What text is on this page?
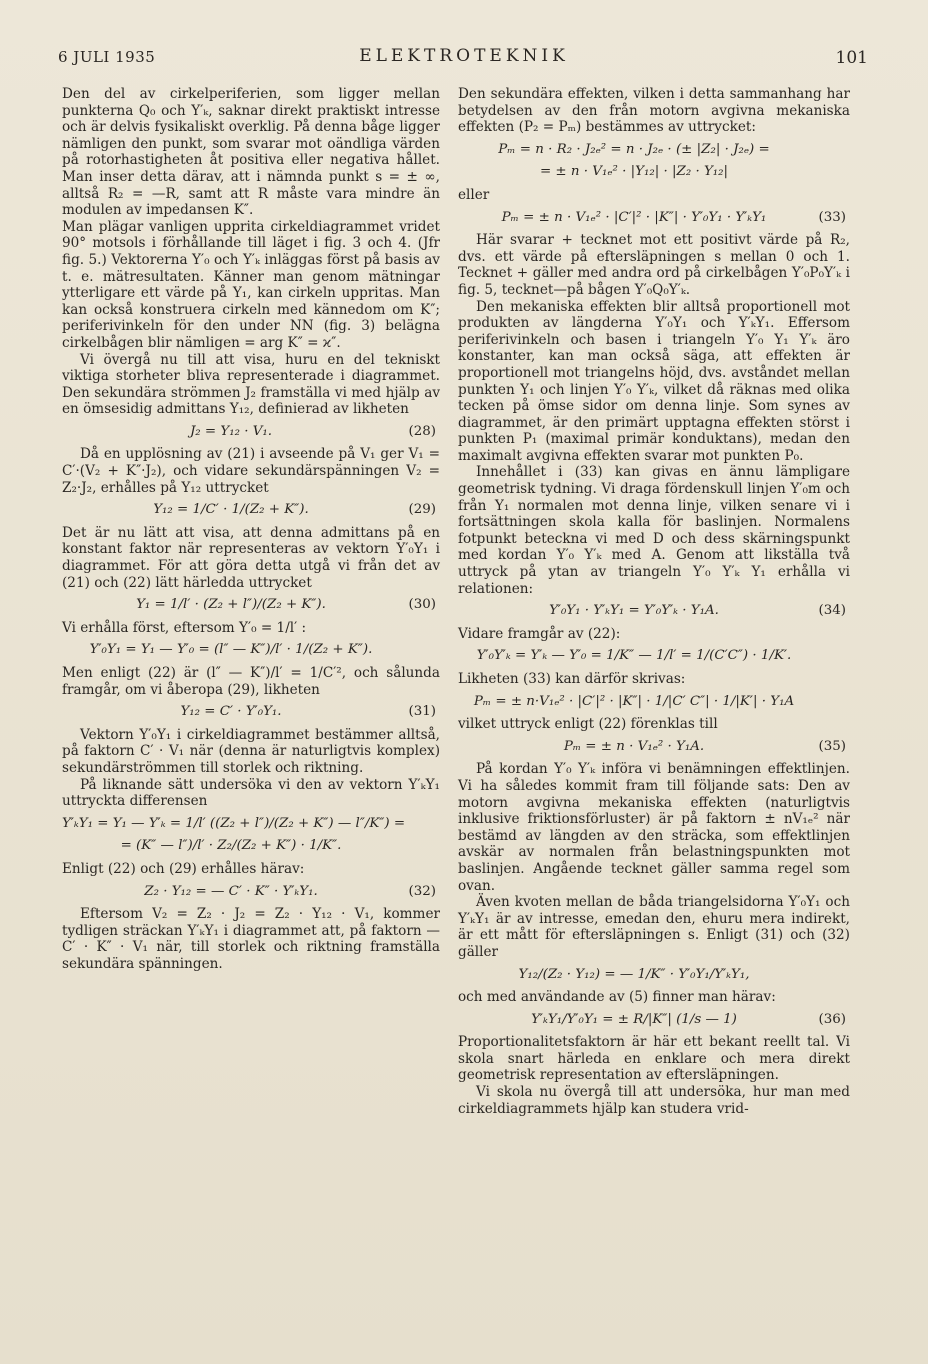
6 JULI 1935	ELEKTROTEKNIK	101

Den del av cirkelperiferien, som ligger mellan punkterna Q₀ och Y′ₖ, saknar direkt praktiskt intresse och är delvis fysikaliskt overklig. På denna båge ligger nämligen den punkt, som svarar mot oändliga värden på rotorhastigheten åt positiva eller negativa hållet. Man inser detta därav, att i nämnda punkt s = ± ∞, alltså R₂ = —R, samt att R måste vara mindre än modulen av impedansen K″.

Man plägar vanligen upprita cirkeldiagrammet vridet 90° motsols i förhållande till läget i fig. 3 och 4. (Jfr fig. 5.) Vektorerna Y′₀ och Y′ₖ inläggas först på basis av t. e. mätresultaten. Känner man genom mätningar ytterligare ett värde på Y₁, kan cirkeln uppritas. Man kan också konstruera cirkeln med kännedom om K″; periferivinkeln för den under NN (fig. 3) belägna cirkelbågen blir nämligen = arg K″ = ϰ″.

Vi övergå nu till att visa, huru en del tekniskt viktiga storheter bliva representerade i diagrammet. Den sekundära strömmen J₂ framställa vi med hjälp av en ömsesidig admittans Y₁₂, definierad av likheten

J₂ = Y₁₂ · V₁.	(28)

Då en upplösning av (21) i avseende på V₁ ger V₁ = C′·(V₂ + K″·J₂), och vidare sekundärspänningen V₂ = Z₂·J₂, erhålles på Y₁₂ uttrycket

Y₁₂ = 1/C′ · 1/(Z₂ + K″).	(29)

Det är nu lätt att visa, att denna admittans på en konstant faktor när representeras av vektorn Y′₀Y₁ i diagrammet. För att göra detta utgå vi från det av (21) och (22) lätt härledda uttrycket

Y₁ = 1/l′ · (Z₂ + l″)/(Z₂ + K″).	(30)

Vi erhålla först, eftersom Y′₀ = 1/l′ :

Y′₀Y₁ = Y₁ — Y′₀ = (l″ — K″)/l′ · 1/(Z₂ + K″).

Men enligt (22) är (l″ — K″)/l′ = 1/C′², och sålunda framgår, om vi åberopa (29), likheten

Y₁₂ = C′ · Y′₀Y₁.	(31)

Vektorn Y′₀Y₁ i cirkeldiagrammet bestämmer alltså, på faktorn C′ · V₁ när (denna är naturligtvis komplex) sekundärströmmen till storlek och riktning.

På liknande sätt undersöka vi den av vektorn Y′ₖY₁ uttryckta differensen

Y′ₖY₁ = Y₁ — Y′ₖ = 1/l′ ((Z₂ + l″)/(Z₂ + K″) — l″/K″) =
= (K″ — l″)/l′ · Z₂/(Z₂ + K″) · 1/K″.

Enligt (22) och (29) erhålles härav:

Z₂ · Y₁₂ = — C′ · K″ · Y′ₖY₁.	(32)

Eftersom V₂ = Z₂ · J₂ = Z₂ · Y₁₂ · V₁, kommer tydligen sträckan Y′ₖY₁ i diagrammet att, på faktorn — C′ · K″ · V₁ när, till storlek och riktning framställa sekundära spänningen.

Den sekundära effekten, vilken i detta sammanhang har betydelsen av den från motorn avgivna mekaniska effekten (P₂ = Pₘ) bestämmes av uttrycket:

Pₘ = n · R₂ · J₂ₑ² = n · J₂ₑ · (± |Z₂| · J₂ₑ) =
= ± n · V₁ₑ² · |Y₁₂| · |Z₂ · Y₁₂|

eller

Pₘ = ± n · V₁ₑ² · |C′|² · |K″| · Y′₀Y₁ · Y′ₖY₁	(33)

Här svarar + tecknet mot ett positivt värde på R₂, dvs. ett värde på eftersläpningen s mellan 0 och 1. Tecknet + gäller med andra ord på cirkelbågen Y′₀P₀Y′ₖ i fig. 5, tecknet—på bågen Y′₀Q₀Y′ₖ.

Den mekaniska effekten blir alltså proportionell mot produkten av längderna Y′₀Y₁ och Y′ₖY₁. Effersom periferivinkeln och basen i triangeln Y′₀ Y₁ Y′ₖ äro konstanter, kan man också säga, att effekten är proportionell mot triangelns höjd, dvs. avståndet mellan punkten Y₁ och linjen Y′₀ Y′ₖ, vilket då räknas med olika tecken på ömse sidor om denna linje. Som synes av diagrammet, är den primärt upptagna effekten störst i punkten P₁ (maximal primär konduktans), medan den maximalt avgivna effekten svarar mot punkten P₀.

Innehållet i (33) kan givas en ännu lämpligare geometrisk tydning. Vi draga fördenskull linjen Y′₀m och från Y₁ normalen mot denna linje, vilken senare vi i fortsättningen skola kalla för baslinjen. Normalens fotpunkt beteckna vi med D och dess skärningspunkt med kordan Y′₀ Y′ₖ med A. Genom att likställa två uttryck på ytan av triangeln Y′₀ Y′ₖ Y₁ erhålla vi relationen:

Y′₀Y₁ · Y′ₖY₁ = Y′₀Y′ₖ · Y₁A.	(34)

Vidare framgår av (22):

Y′₀Y′ₖ = Y′ₖ — Y′₀ = 1/K″ — 1/l′ = 1/(C′C″) · 1/K′.

Likheten (33) kan därför skrivas:

Pₘ = ± n·V₁ₑ² · |C′|² · |K″| · 1/|C′ C″| · 1/|K′| · Y₁A

vilket uttryck enligt (22) förenklas till

Pₘ = ± n · V₁ₑ² · Y₁A.	(35)

På kordan Y′₀ Y′ₖ införa vi benämningen effektlinjen. Vi ha således kommit fram till följande sats: Den av motorn avgivna mekaniska effekten (naturligtvis inklusive friktionsförluster) är på faktorn ± nV₁ₑ² när bestämd av längden av den sträcka, som effektlinjen avskär av normalen från belastningspunkten mot baslinjen. Angående tecknet gäller samma regel som ovan.

Även kvoten mellan de båda triangelsidorna Y′₀Y₁ och Y′ₖY₁ är av intresse, emedan den, ehuru mera indirekt, är ett mått för eftersläpningen s. Enligt (31) och (32) gäller

Y₁₂/(Z₂ · Y₁₂) = — 1/K″ · Y′₀Y₁/Y′ₖY₁,

och med användande av (5) finner man härav:

Y′ₖY₁/Y′₀Y₁ = ± R/|K″| (1/s — 1)	(36)

Proportionalitetsfaktorn är här ett bekant reellt tal. Vi skola snart härleda en enklare och mera direkt geometrisk representation av eftersläpningen.

Vi skola nu övergå till att undersöka, hur man med cirkeldiagrammets hjälp kan studera vrid-
